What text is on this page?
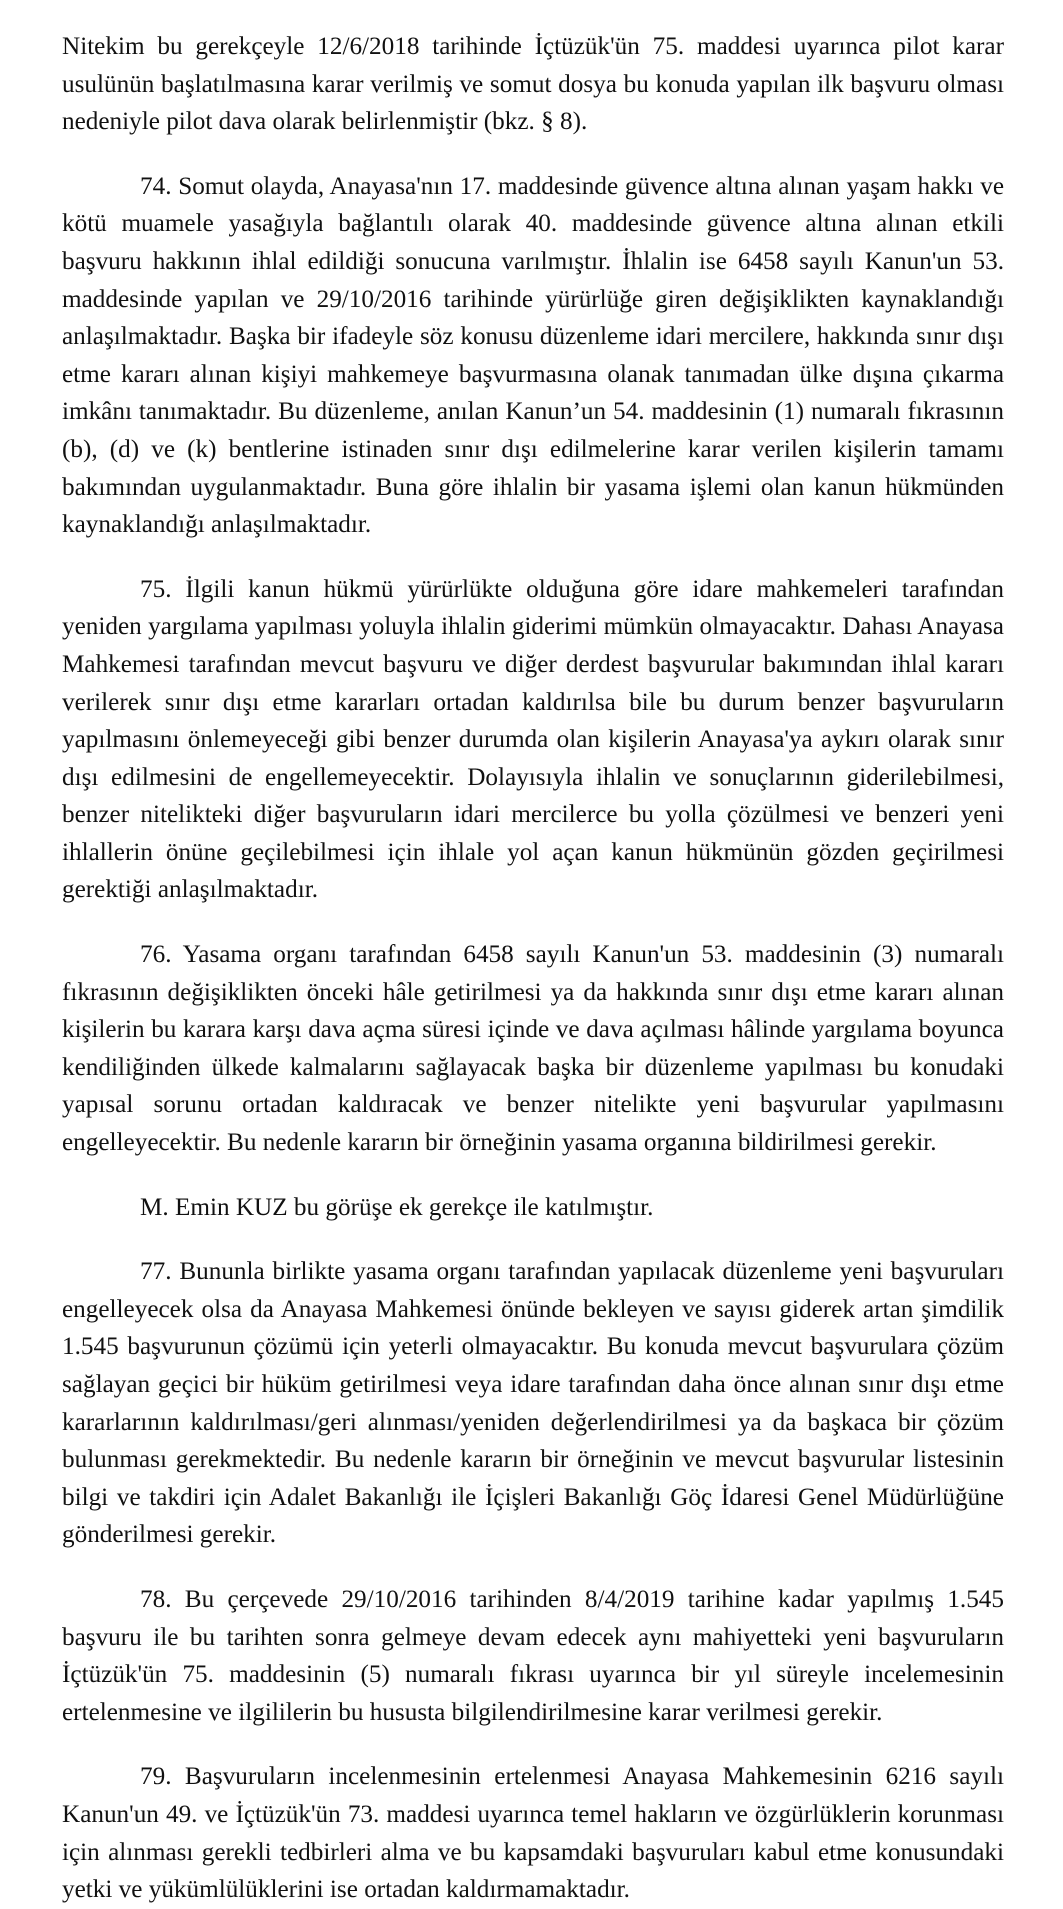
Nitekim bu gerekçeyle 12/6/2018 tarihinde İçtüzük'ün 75. maddesi uyarınca pilot karar usulünün başlatılmasına karar verilmiş ve somut dosya bu konuda yapılan ilk başvuru olması nedeniyle pilot dava olarak belirlenmiştir (bkz. § 8).

74. Somut olayda, Anayasa'nın 17. maddesinde güvence altına alınan yaşam hakkı ve kötü muamele yasağıyla bağlantılı olarak 40. maddesinde güvence altına alınan etkili başvuru hakkının ihlal edildiği sonucuna varılmıştır. İhlalin ise 6458 sayılı Kanun'un 53. maddesinde yapılan ve 29/10/2016 tarihinde yürürlüğe giren değişiklikten kaynaklandığı anlaşılmaktadır. Başka bir ifadeyle söz konusu düzenleme idari mercilere, hakkında sınır dışı etme kararı alınan kişiyi mahkemeye başvurmasına olanak tanımadan ülke dışına çıkarma imkânı tanımaktadır. Bu düzenleme, anılan Kanun’un 54. maddesinin (1) numaralı fıkrasının (b), (d) ve (k) bentlerine istinaden sınır dışı edilmelerine karar verilen kişilerin tamamı bakımından uygulanmaktadır. Buna göre ihlalin bir yasama işlemi olan kanun hükmünden kaynaklandığı anlaşılmaktadır.

75. İlgili kanun hükmü yürürlükte olduğuna göre idare mahkemeleri tarafından yeniden yargılama yapılması yoluyla ihlalin giderimi mümkün olmayacaktır. Dahası Anayasa Mahkemesi tarafından mevcut başvuru ve diğer derdest başvurular bakımından ihlal kararı verilerek sınır dışı etme kararları ortadan kaldırılsa bile bu durum benzer başvuruların yapılmasını önlemeyeceği gibi benzer durumda olan kişilerin Anayasa'ya aykırı olarak sınır dışı edilmesini de engellemeyecektir. Dolayısıyla ihlalin ve sonuçlarının giderilebilmesi, benzer nitelikteki diğer başvuruların idari mercilerce bu yolla çözülmesi ve benzeri yeni ihlallerin önüne geçilebilmesi için ihlale yol açan kanun hükmünün gözden geçirilmesi gerektiği anlaşılmaktadır.

76. Yasama organı tarafından 6458 sayılı Kanun'un 53. maddesinin (3) numaralı fıkrasının değişiklikten önceki hâle getirilmesi ya da hakkında sınır dışı etme kararı alınan kişilerin bu karara karşı dava açma süresi içinde ve dava açılması hâlinde yargılama boyunca kendiliğinden ülkede kalmalarını sağlayacak başka bir düzenleme yapılması bu konudaki yapısal sorunu ortadan kaldıracak ve benzer nitelikte yeni başvurular yapılmasını engelleyecektir. Bu nedenle kararın bir örneğinin yasama organına bildirilmesi gerekir.

M. Emin KUZ bu görüşe ek gerekçe ile katılmıştır.

77. Bununla birlikte yasama organı tarafından yapılacak düzenleme yeni başvuruları engelleyecek olsa da Anayasa Mahkemesi önünde bekleyen ve sayısı giderek artan şimdilik 1.545 başvurunun çözümü için yeterli olmayacaktır. Bu konuda mevcut başvurulara çözüm sağlayan geçici bir hüküm getirilmesi veya idare tarafından daha önce alınan sınır dışı etme kararlarının kaldırılması/geri alınması/yeniden değerlendirilmesi ya da başkaca bir çözüm bulunması gerekmektedir. Bu nedenle kararın bir örneğinin ve mevcut başvurular listesinin bilgi ve takdiri için Adalet Bakanlığı ile İçişleri Bakanlığı Göç İdaresi Genel Müdürlüğüne gönderilmesi gerekir.

78. Bu çerçevede 29/10/2016 tarihinden 8/4/2019 tarihine kadar yapılmış 1.545 başvuru ile bu tarihten sonra gelmeye devam edecek aynı mahiyetteki yeni başvuruların İçtüzük'ün 75. maddesinin (5) numaralı fıkrası uyarınca bir yıl süreyle incelemesinin ertelenmesine ve ilgililerin bu hususta bilgilendirilmesine karar verilmesi gerekir.

79. Başvuruların incelenmesinin ertelenmesi Anayasa Mahkemesinin 6216 sayılı Kanun'un 49. ve İçtüzük'ün 73. maddesi uyarınca temel hakların ve özgürlüklerin korunması için alınması gerekli tedbirleri alma ve bu kapsamdaki başvuruları kabul etme konusundaki yetki ve yükümlülüklerini ise ortadan kaldırmamaktadır.
